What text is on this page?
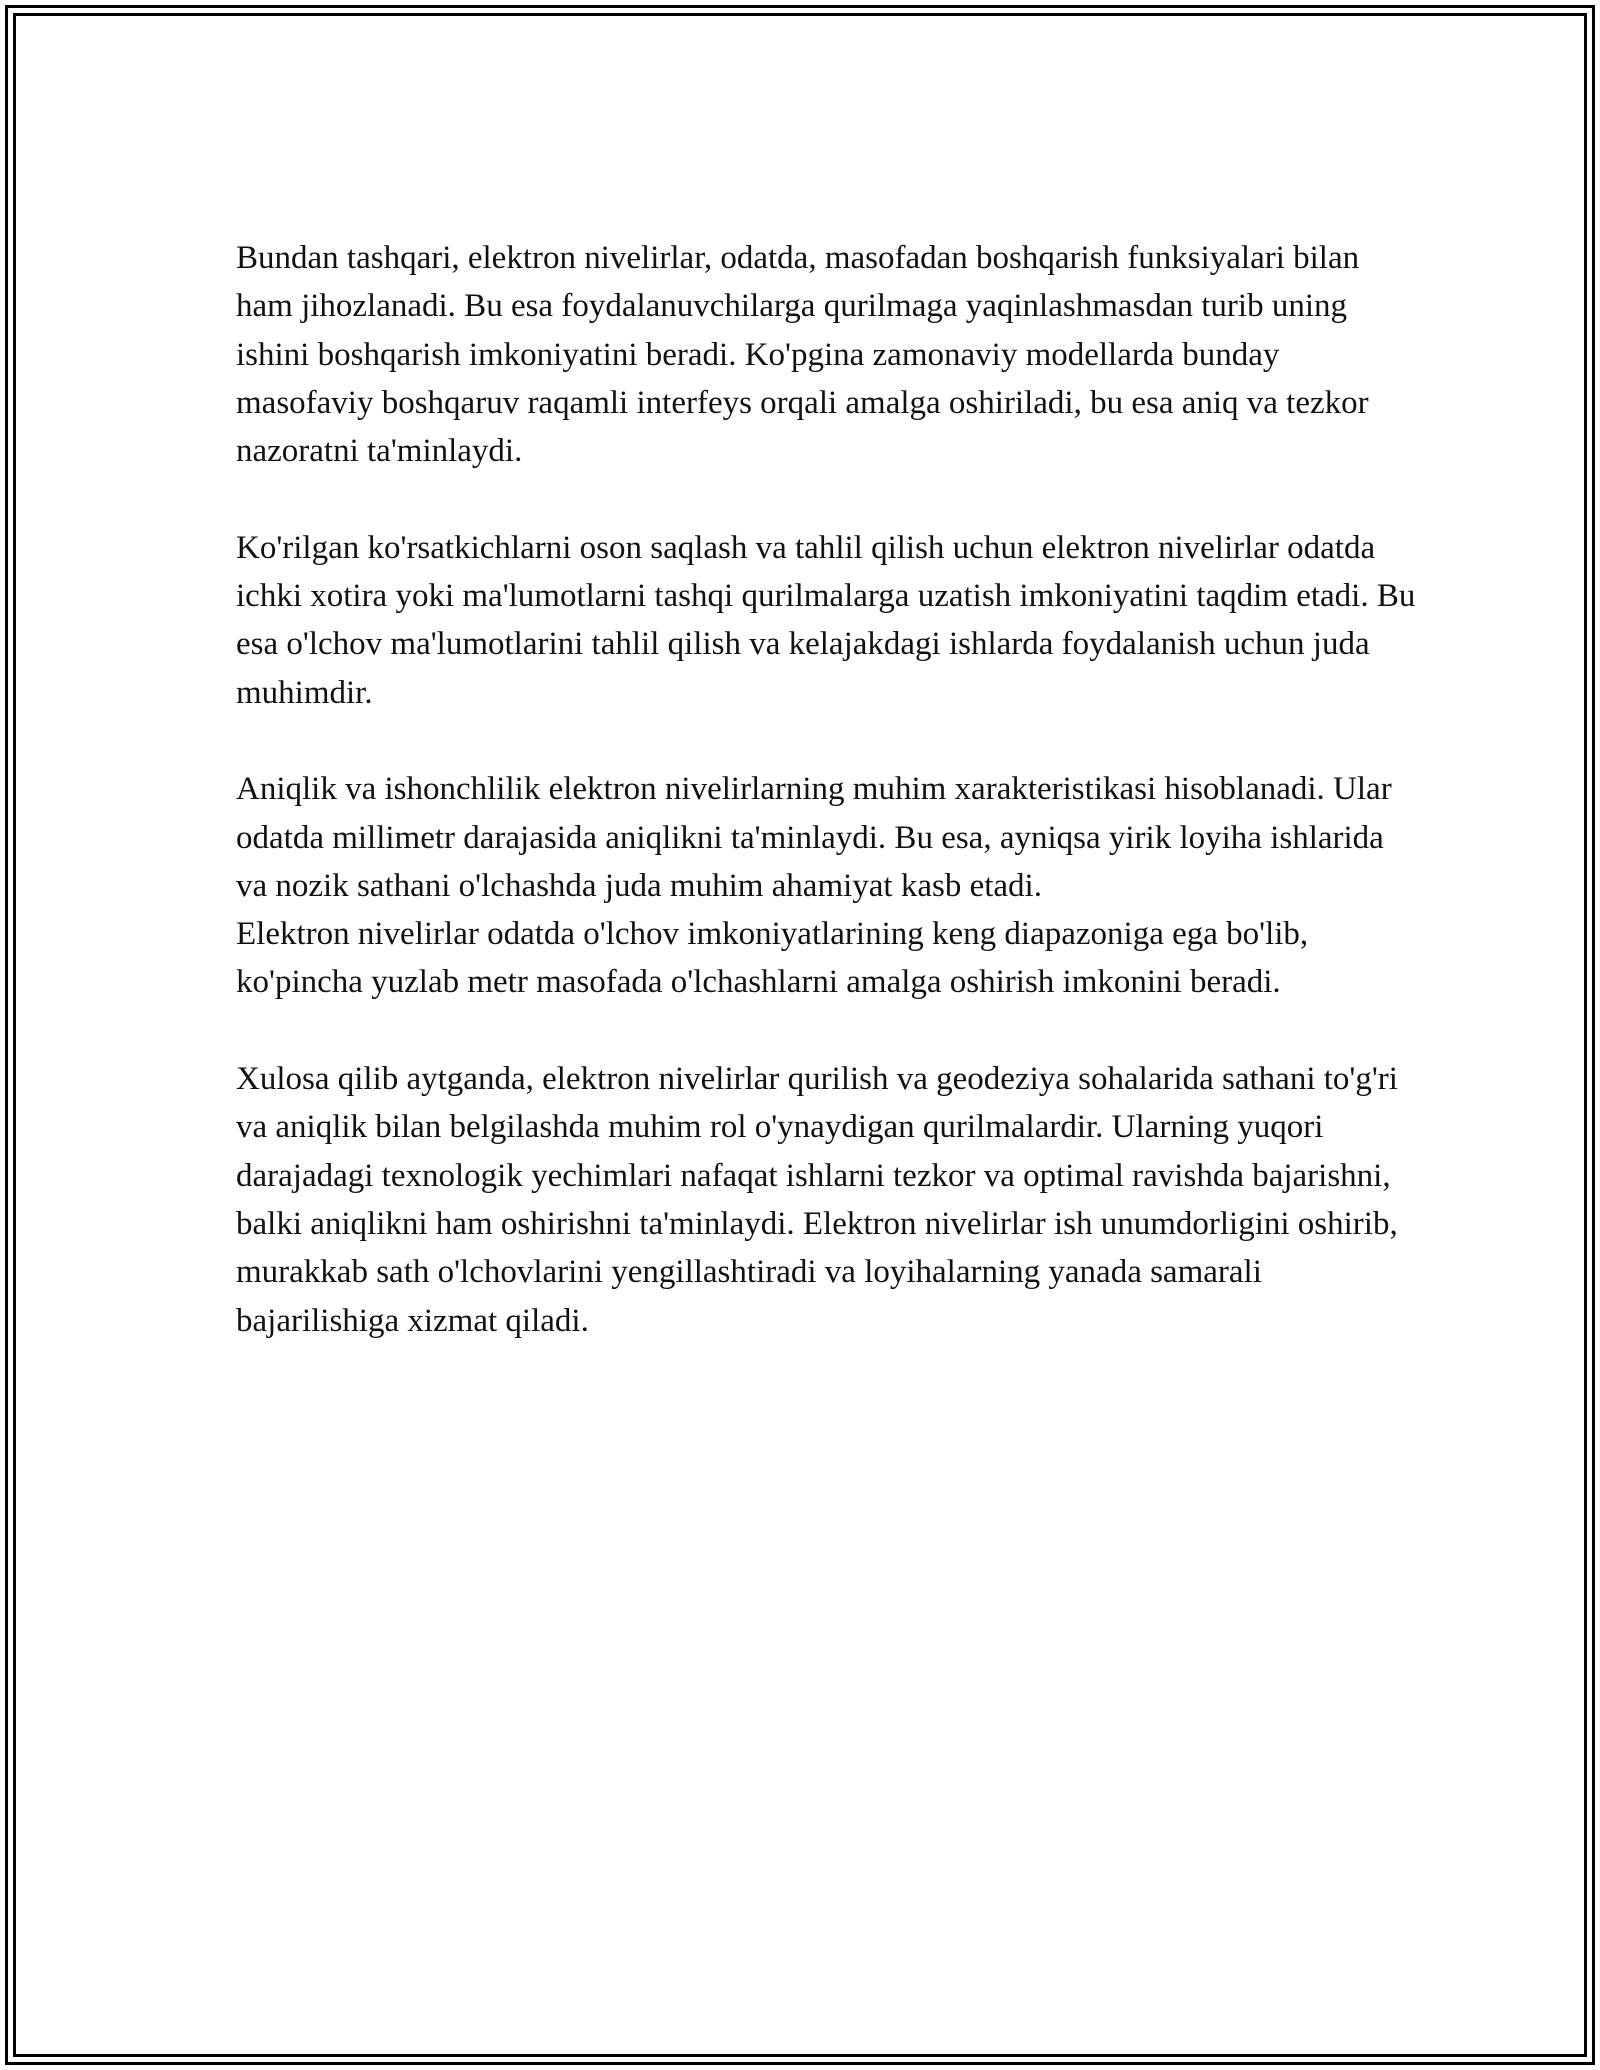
Bundan tashqari, elektron nivelirlar, odatda, masofadan boshqarish funksiyalari bilan ham jihozlanadi. Bu esa foydalanuvchilarga qurilmaga yaqinlashmasdan turib uning ishini boshqarish imkoniyatini beradi. Ko'pgina zamonaviy modellarda bunday masofaviy boshqaruv raqamli interfeys orqali amalga oshiriladi, bu esa aniq va tezkor nazoratni ta'minlaydi.

Ko'rilgan ko'rsatkichlarni oson saqlash va tahlil qilish uchun elektron nivelirlar odatda ichki xotira yoki ma'lumotlarni tashqi qurilmalarga uzatish imkoniyatini taqdim etadi. Bu esa o'lchov ma'lumotlarini tahlil qilish va kelajakdagi ishlarda foydalanish uchun juda muhimdir.

Aniqlik va ishonchlilik elektron nivelirlarning muhim xarakteristikasi hisoblanadi. Ular odatda millimetr darajasida aniqlikni ta'minlaydi. Bu esa, ayniqsa yirik loyiha ishlarida va nozik sathani o'lchashda juda muhim ahamiyat kasb etadi.

Elektron nivelirlar odatda o'lchov imkoniyatlarining keng diapazoniga ega bo'lib, ko'pincha yuzlab metr masofada o'lchashlarni amalga oshirish imkonini beradi.

Xulosa qilib aytganda, elektron nivelirlar qurilish va geodeziya sohalarida sathani to'g'ri va aniqlik bilan belgilashda muhim rol o'ynaydigan qurilmalardir. Ularning yuqori darajadagi texnologik yechimlari nafaqat ishlarni tezkor va optimal ravishda bajarishni, balki aniqlikni ham oshirishni ta'minlaydi. Elektron nivelirlar ish unumdorligini oshirib, murakkab sath o'lchovlarini yengillashtiradi va loyihalarning yanada samarali bajarilishiga xizmat qiladi.
